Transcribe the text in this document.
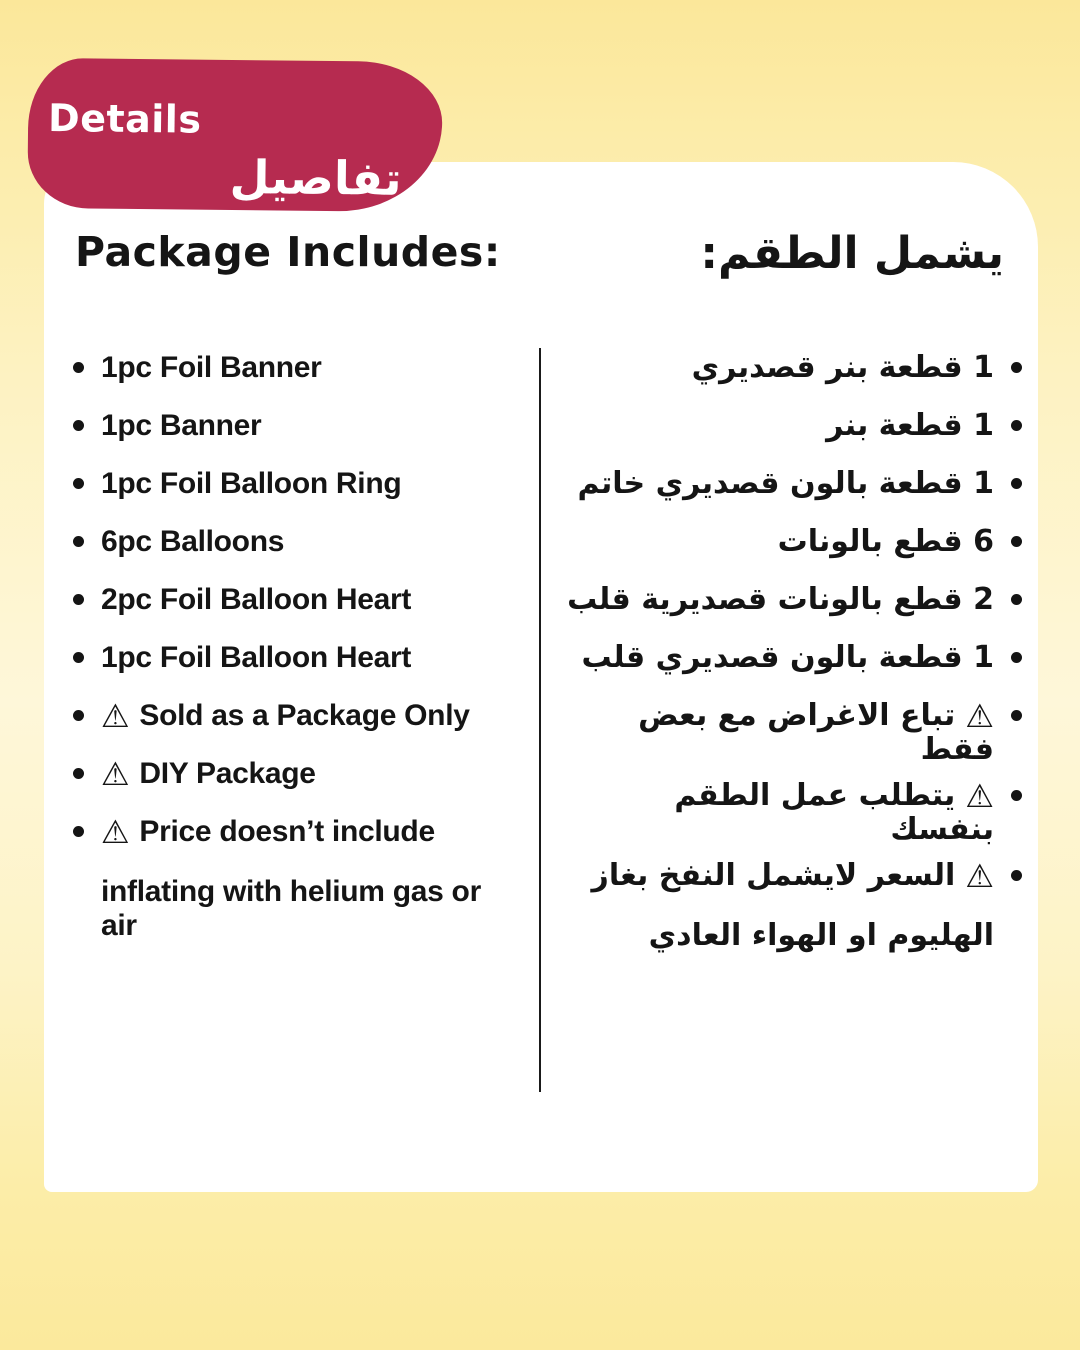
Details
تفاصيل
Package Includes:	يشمل الطقم:
1pc Foil Banner
1pc Banner
1pc Foil Balloon Ring
6pc Balloons
2pc Foil Balloon Heart
1pc Foil Balloon Heart
⚠ Sold as a Package Only
⚠ DIY Package
⚠ Price doesn’t include
inflating with helium gas or air
1 قطعة بنر قصديري
1 قطعة بنر
1 قطعة بالون قصديري خاتم
6 قطع بالونات
2 قطع بالونات قصديرية قلب
1 قطعة بالون قصديري قلب
⚠تباع الاغراض مع بعض فقط
⚠يتطلب عمل الطقم بنفسك
⚠السعر لايشمل النفخ بغاز
الهليوم او الهواء العادي
